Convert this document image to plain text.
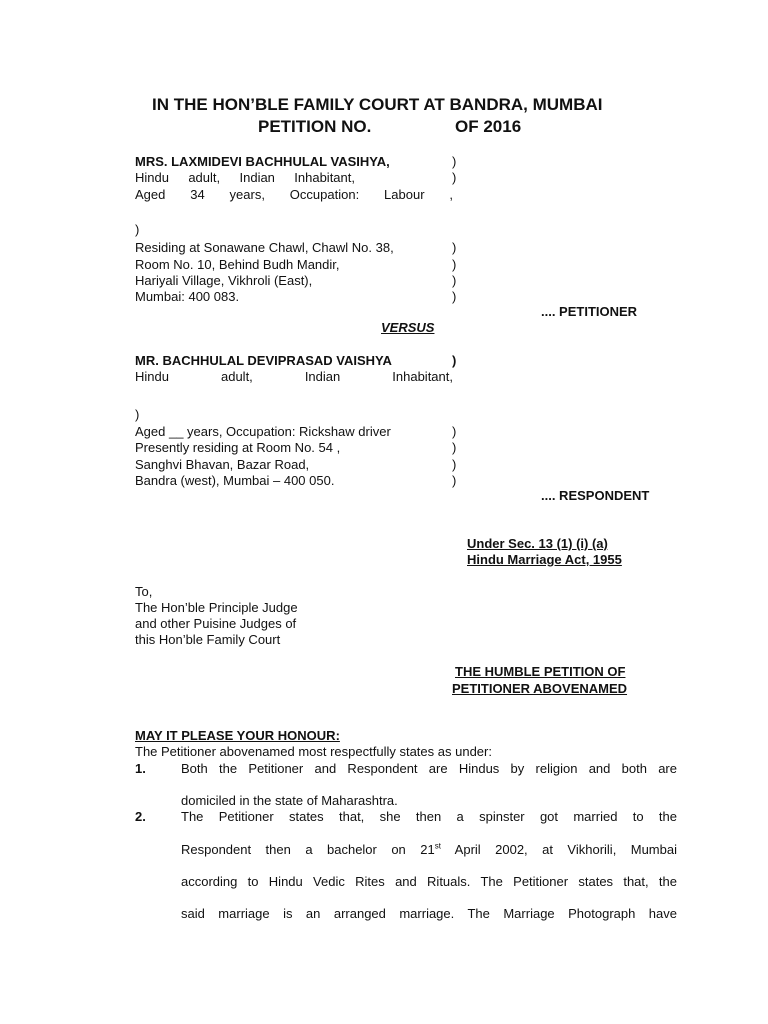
IN THE HON’BLE FAMILY COURT AT BANDRA, MUMBAI
PETITION NO.	OF 2016
MRS. LAXMIDEVI BACHHULAL VASIHYA,	)
Hindu adult, Indian Inhabitant,	)
Aged 34 years, Occupation: Labour ,
)
Residing at Sonawane Chawl, Chawl No. 38,	)
Room No. 10, Behind Budh Mandir,	)
Hariyali Village, Vikhroli (East),	)
Mumbai: 400 083.	)
.... PETITIONER
VERSUS
MR. BACHHULAL DEVIPRASAD VAISHYA	)
Hindu adult, Indian Inhabitant,
)
Aged __ years, Occupation: Rickshaw driver	)
Presently residing at Room No. 54 ,	)
Sanghvi Bhavan, Bazar Road,	)
Bandra (west), Mumbai – 400 050.	)
.... RESPONDENT
Under Sec. 13 (1) (i) (a)
Hindu Marriage Act, 1955
To,
The Hon’ble Principle Judge
and other Puisine Judges of
this Hon’ble Family Court
THE HUMBLE PETITION OF
PETITIONER ABOVENAMED
MAY IT PLEASE YOUR HONOUR:
The Petitioner abovenamed most respectfully states as under:
1.	Both the Petitioner and Respondent are Hindus by religion and both are
domiciled in the state of Maharashtra.
2.	The Petitioner states that, she then a spinster got married to the
Respondent then a bachelor on 21st April 2002, at Vikhorili, Mumbai
according to Hindu Vedic Rites and Rituals. The Petitioner states that, the
said marriage is an arranged marriage. The Marriage Photograph have
